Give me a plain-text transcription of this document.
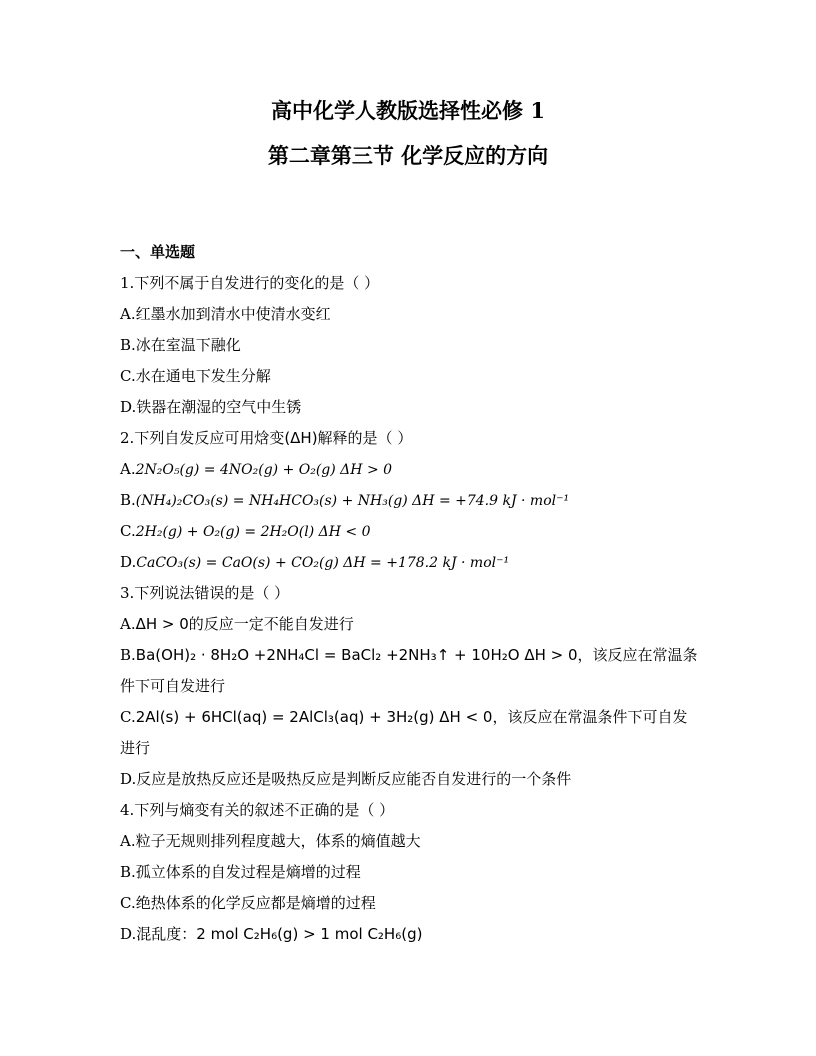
高中化学人教版选择性必修 1
第二章第三节 化学反应的方向
一、单选题
1.下列不属于自发进行的变化的是（ ）
A.红墨水加到清水中使清水变红
B.冰在室温下融化
C.水在通电下发生分解
D.铁器在潮湿的空气中生锈
2.下列自发反应可用焓变(ΔH)解释的是（ ）
A.2N₂O₅(g) = 4NO₂(g) + O₂(g) ΔH > 0
B.(NH₄)₂CO₃(s) = NH₄HCO₃(s) + NH₃(g) ΔH = +74.9 kJ · mol⁻¹
C.2H₂(g) + O₂(g) = 2H₂O(l) ΔH < 0
D.CaCO₃(s) = CaO(s) + CO₂(g) ΔH = +178.2 kJ · mol⁻¹
3.下列说法错误的是（ ）
A.ΔH > 0的反应一定不能自发进行
B.Ba(OH)₂ · 8H₂O +2NH₄Cl = BaCl₂ +2NH₃↑ + 10H₂O ΔH > 0，该反应在常温条件下可自发进行
C.2Al(s) + 6HCl(aq) = 2AlCl₃(aq) + 3H₂(g) ΔH < 0，该反应在常温条件下可自发进行
D.反应是放热反应还是吸热反应是判断反应能否自发进行的一个条件
4.下列与熵变有关的叙述不正确的是（ ）
A.粒子无规则排列程度越大，体系的熵值越大
B.孤立体系的自发过程是熵增的过程
C.绝热体系的化学反应都是熵增的过程
D.混乱度：2 mol C₂H₆(g) > 1 mol C₂H₆(g)
